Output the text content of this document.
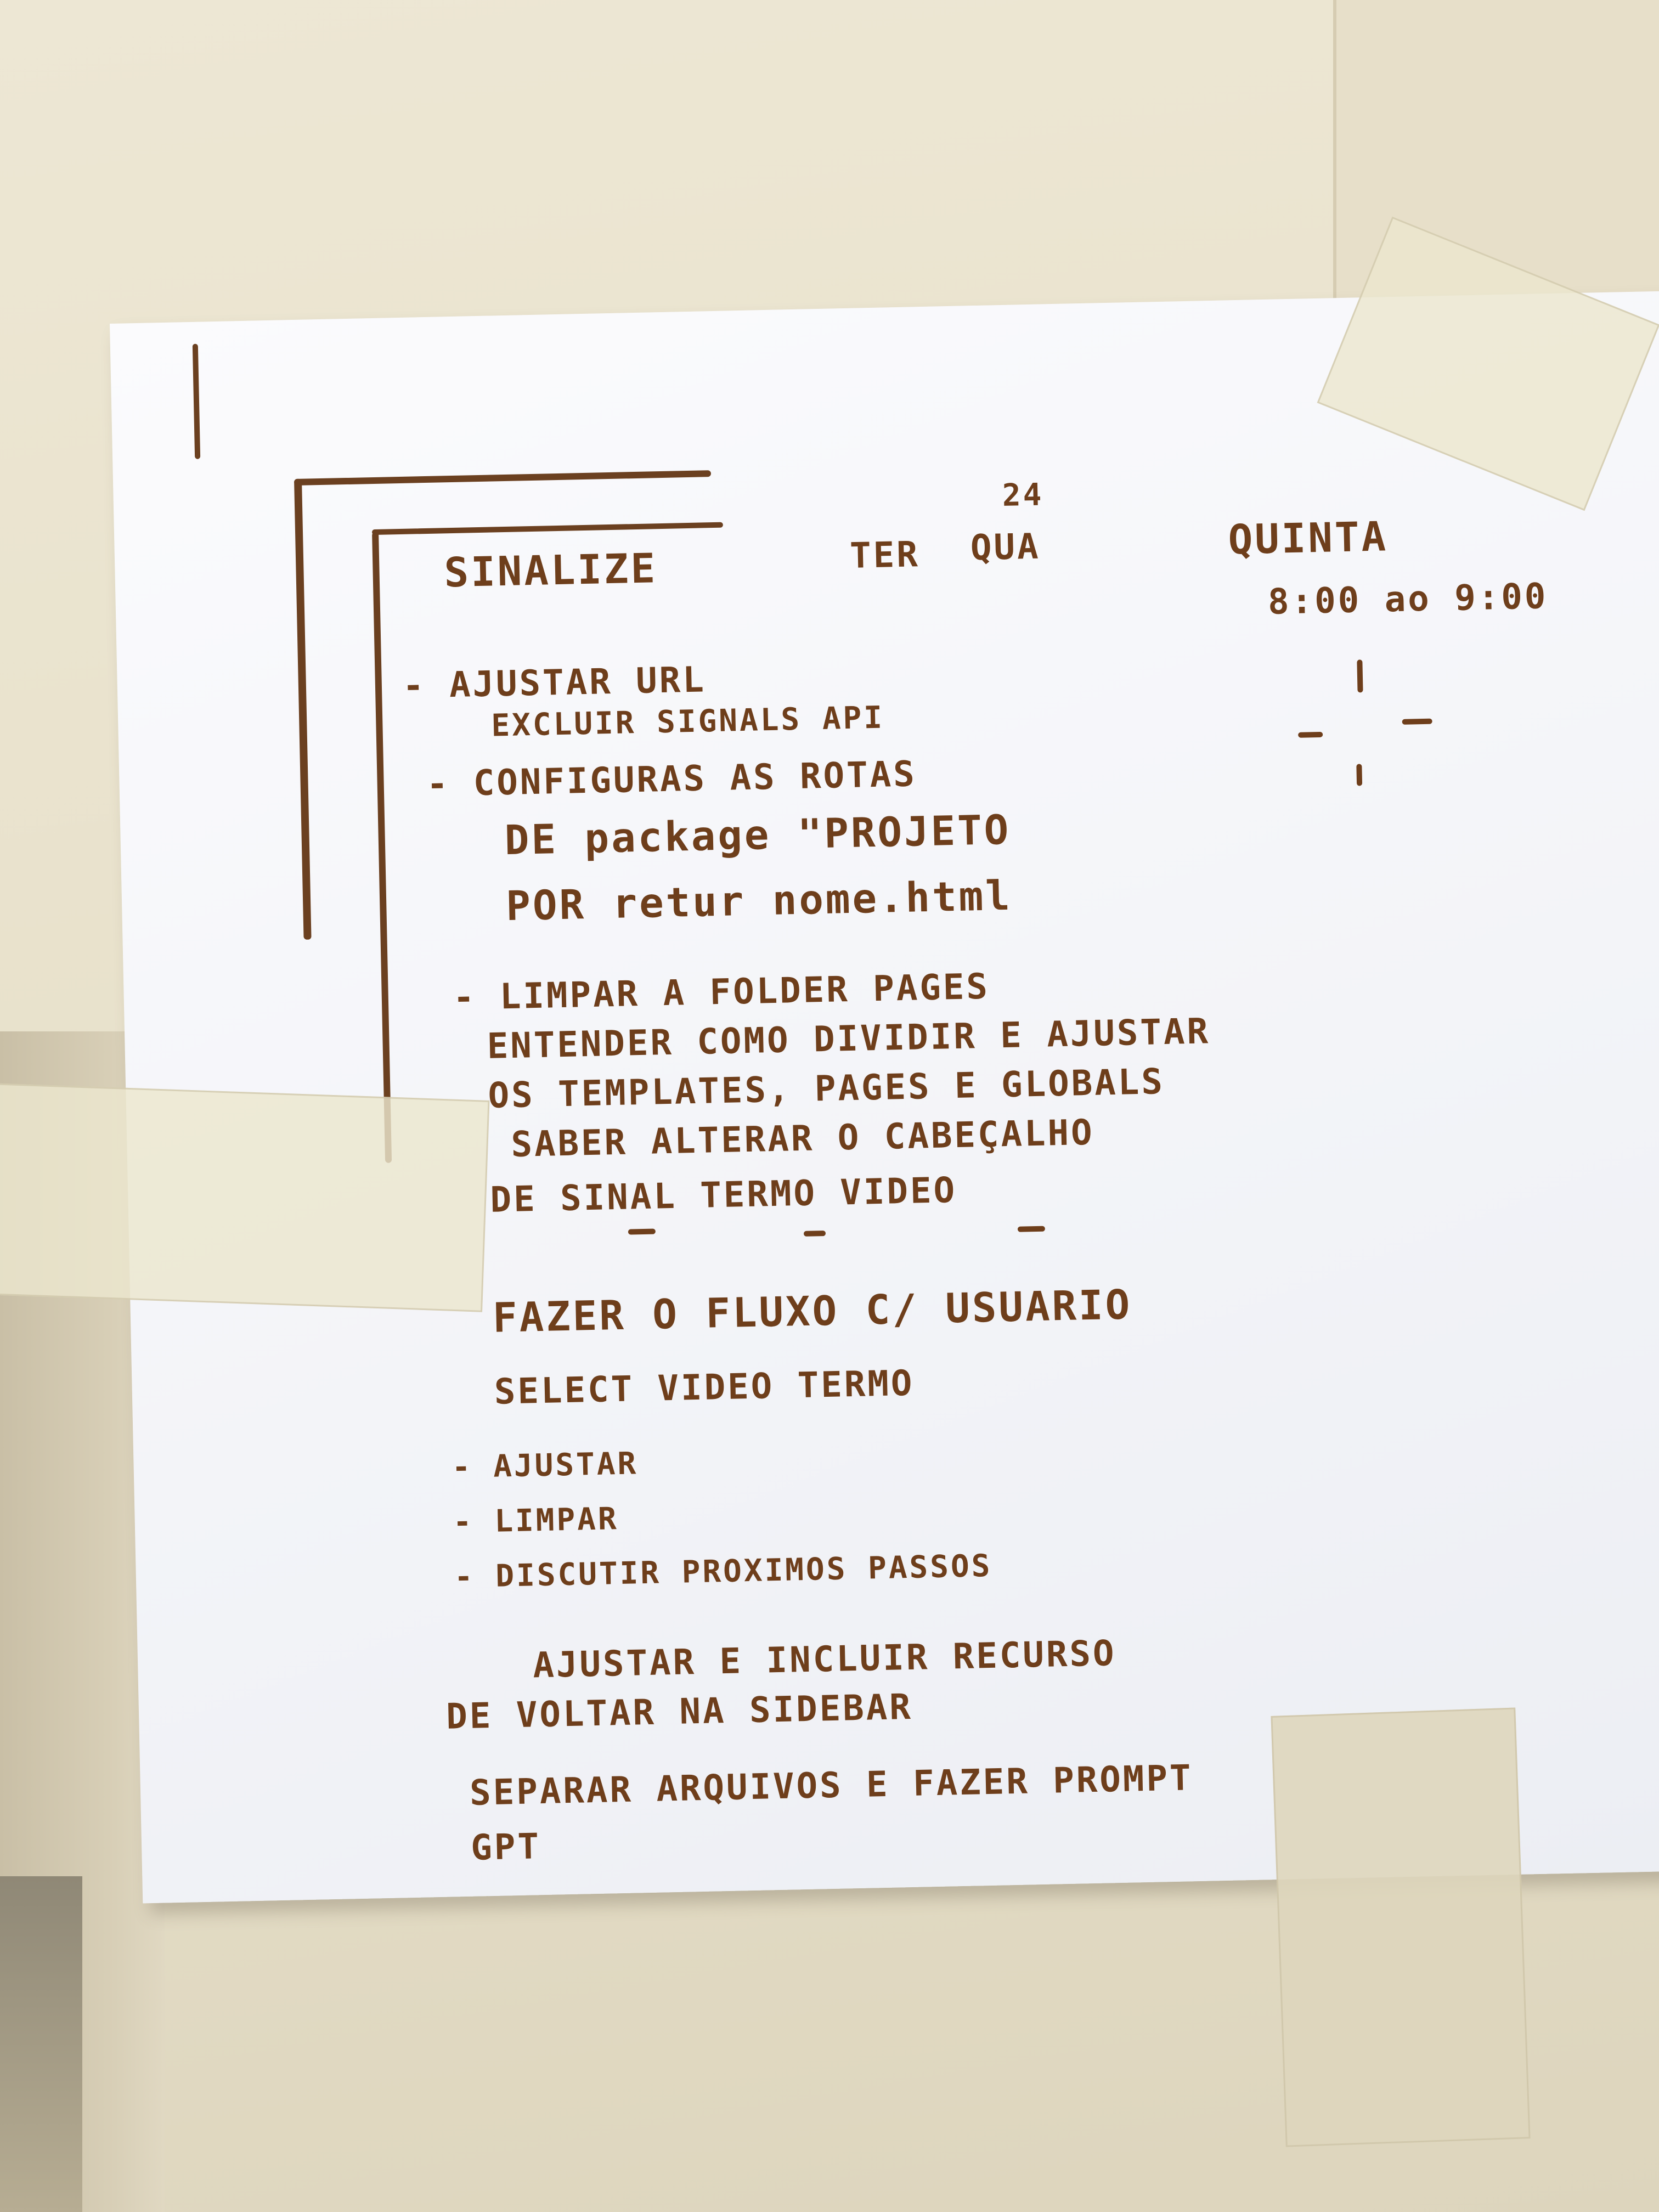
SINALIZE	TER
24
QUA	QUINTA
8:00 ao 9:00
- AJUSTAR URL
EXCLUIR SIGNALS API
- CONFIGURAS AS ROTAS
DE package "PROJETO
POR retur nome.html
- LIMPAR A FOLDER PAGES
ENTENDER COMO DIVIDIR E AJUSTAR
OS TEMPLATES, PAGES E GLOBALS
SABER ALTERAR O CABEÇALHO
DE SINAL TERMO VIDEO
FAZER O FLUXO C/ USUARIO
SELECT VIDEO TERMO
- AJUSTAR
- LIMPAR
- DISCUTIR PROXIMOS PASSOS
AJUSTAR E INCLUIR RECURSO
DE VOLTAR NA SIDEBAR
SEPARAR ARQUIVOS E FAZER PROMPT
GPT
